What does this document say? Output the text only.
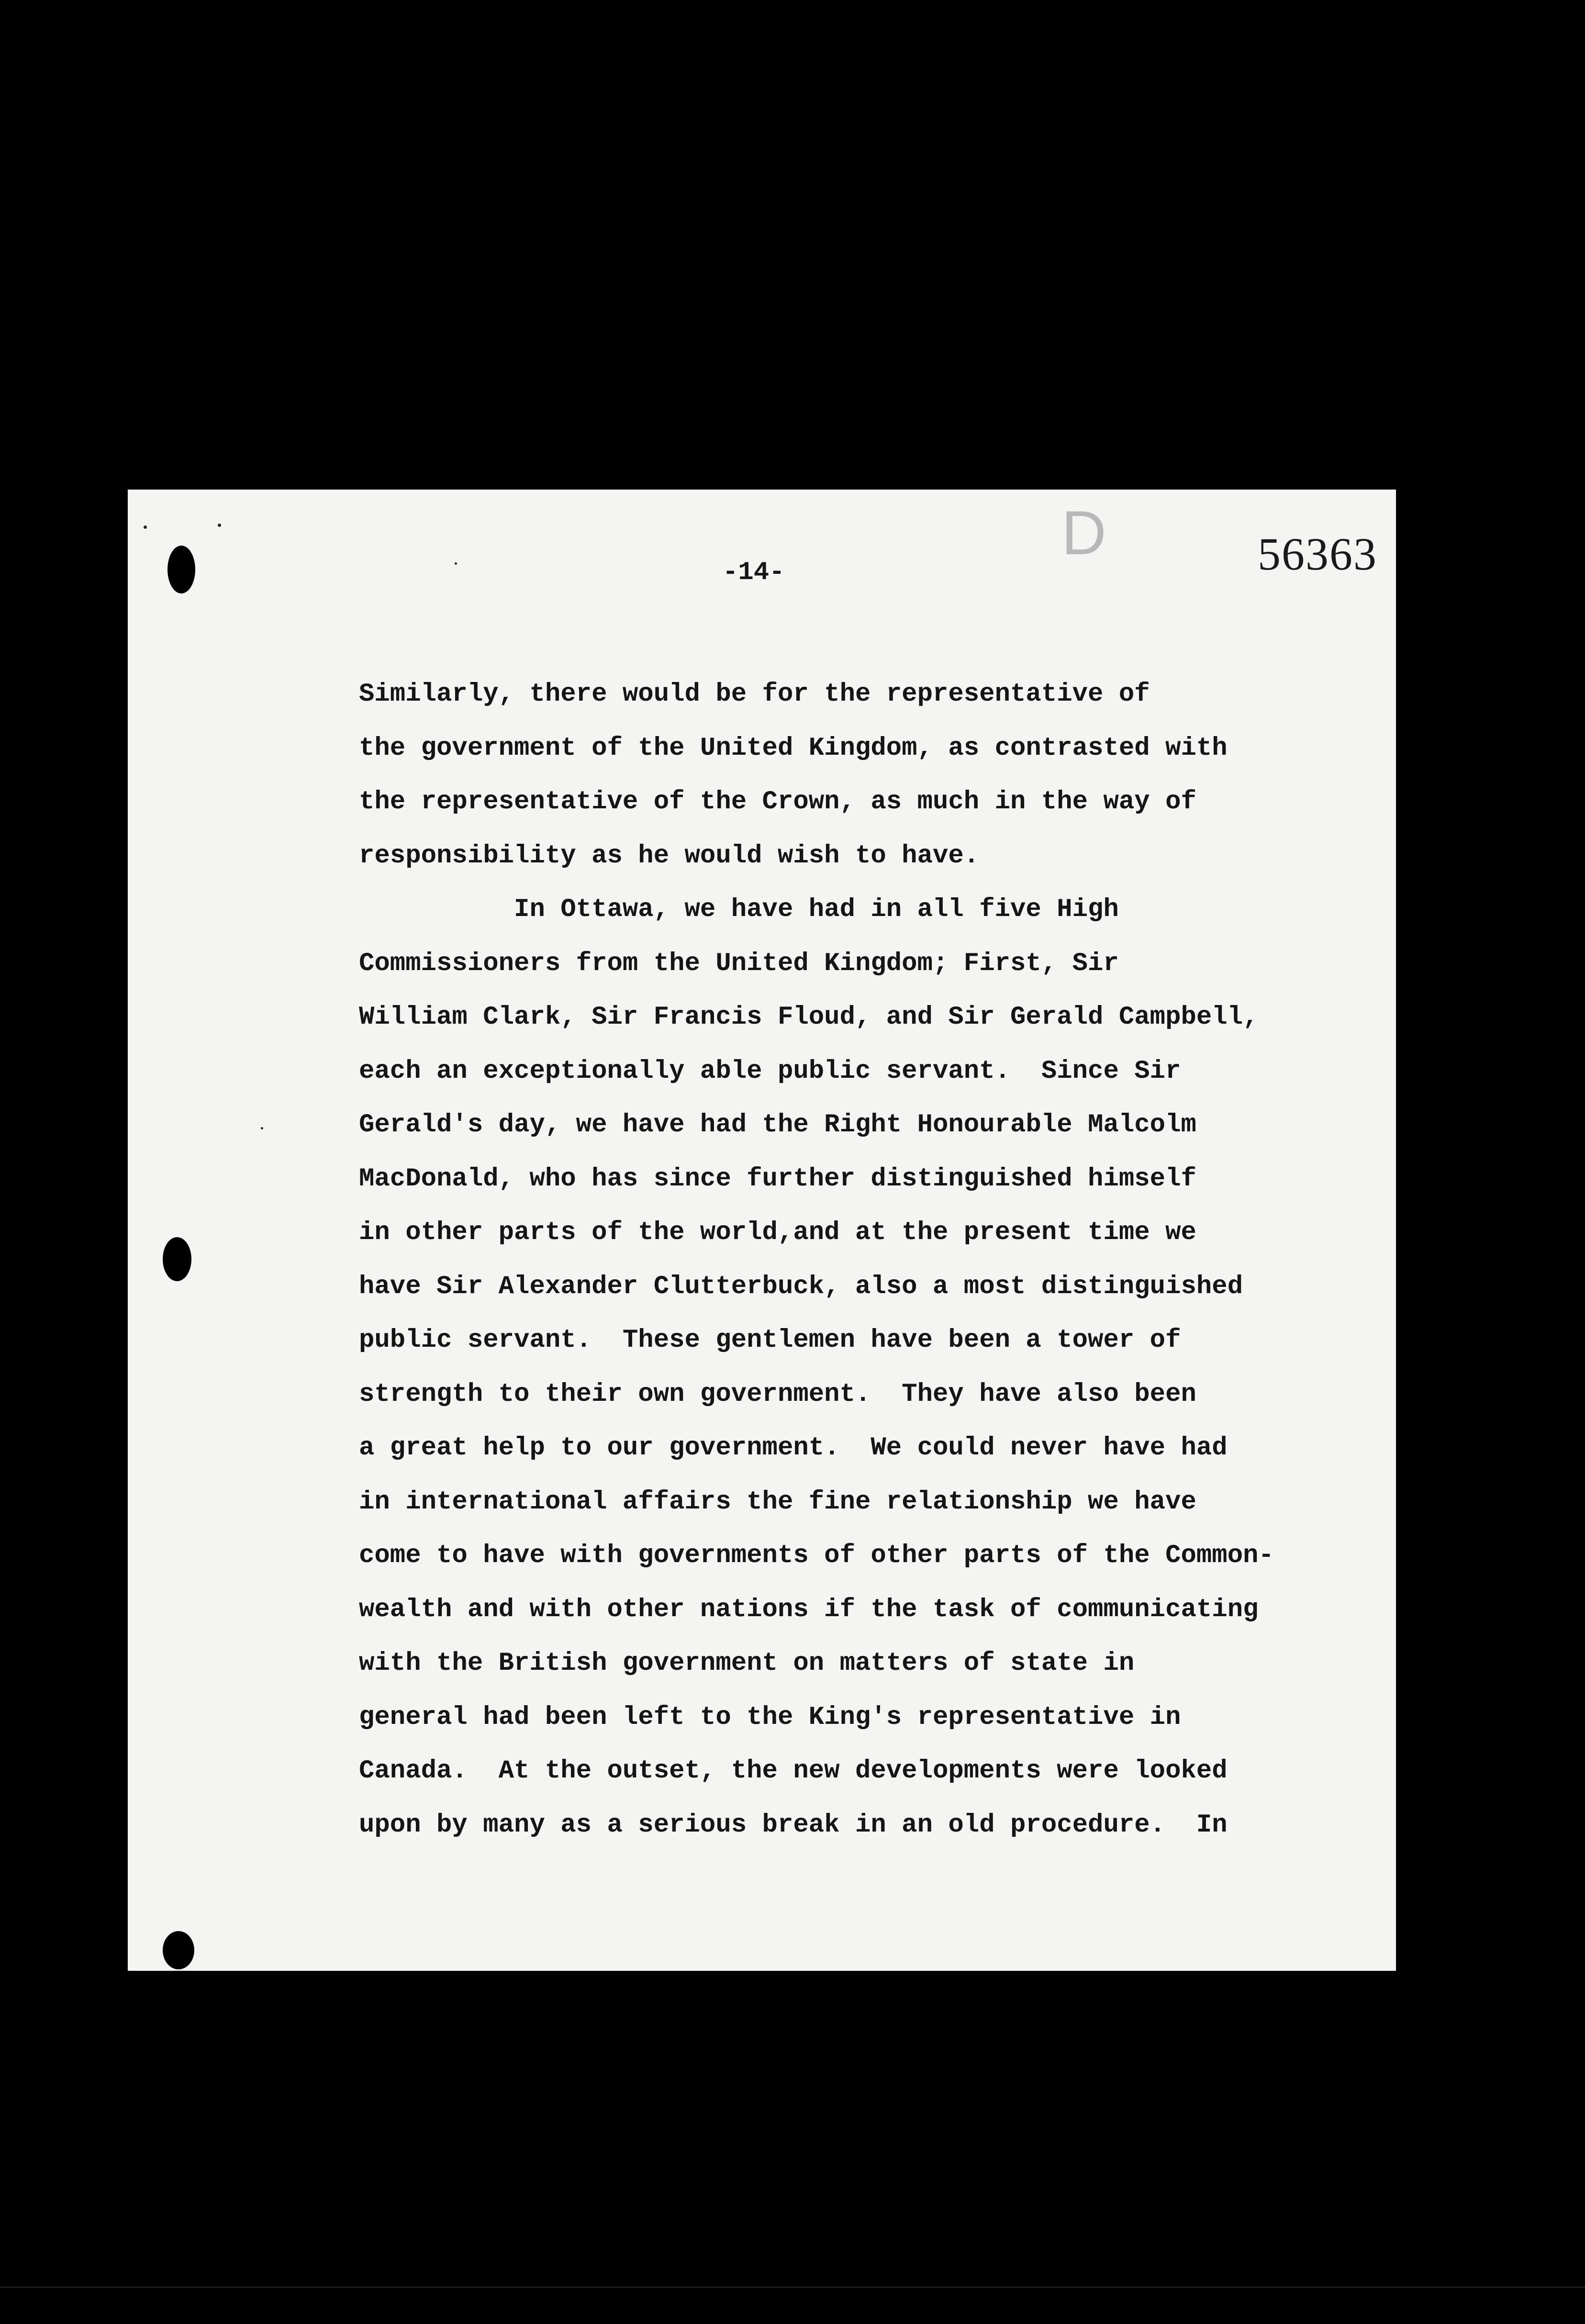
D	56363
-14-
Similarly, there would be for the representative of
the government of the United Kingdom, as contrasted with
the representative of the Crown, as much in the way of
responsibility as he would wish to have.
In Ottawa, we have had in all five High
Commissioners from the United Kingdom; First, Sir
William Clark, Sir Francis Floud, and Sir Gerald Campbell,
each an exceptionally able public servant.  Since Sir
Gerald's day, we have had the Right Honourable Malcolm
MacDonald, who has since further distinguished himself
in other parts of the world,and at the present time we
have Sir Alexander Clutterbuck, also a most distinguished
public servant.  These gentlemen have been a tower of
strength to their own government.  They have also been
a great help to our government.  We could never have had
in international affairs the fine relationship we have
come to have with governments of other parts of the Common-
wealth and with other nations if the task of communicating
with the British government on matters of state in
general had been left to the King's representative in
Canada.  At the outset, the new developments were looked
upon by many as a serious break in an old procedure.  In
